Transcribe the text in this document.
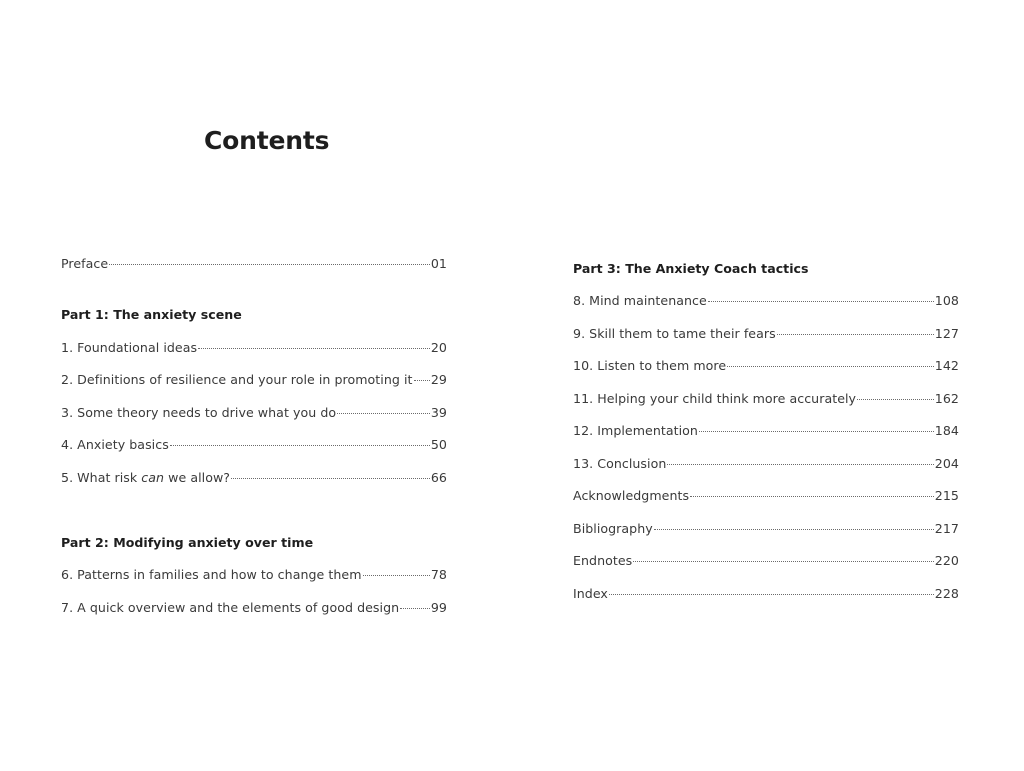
Contents
Preface	01
Part 1: The anxiety scene
1. Foundational ideas	20
2. Definitions of resilience and your role in promoting it 29
3. Some theory needs to drive what you do	39
4. Anxiety basics	50
5. What risk can we allow?	66
Part 2: Modifying anxiety over time
6. Patterns in families and how to change them	78
7. A quick overview and the elements of good design	99
Part 3: The Anxiety Coach tactics
8. Mind maintenance	108
9. Skill them to tame their fears	127
10. Listen to them more	142
11. Helping your child think more accurately	162
12. Implementation	184
13. Conclusion	204
Acknowledgments	215
Bibliography	217
Endnotes	220
Index	228
